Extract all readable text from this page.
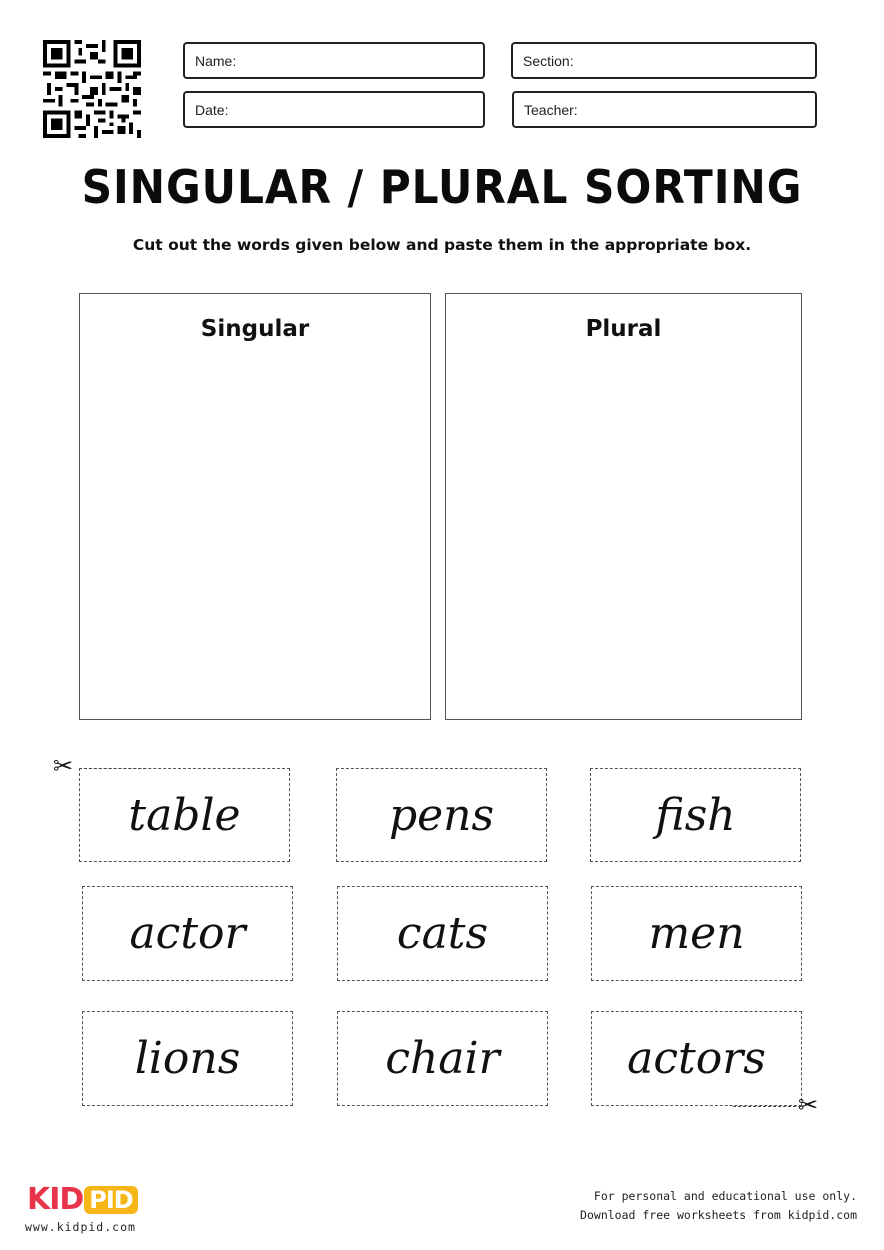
Name:	Section:
Date:	Teacher:
SINGULAR / PLURAL SORTING
Cut out the words given below and paste them in the appropriate box.
Singular	Plural
table	pens	fish
actor	cats	men
lions	chair	actors
✂
✂
KID PID
www.kidpid.com
For personal and educational use only.
Download free worksheets from kidpid.com
